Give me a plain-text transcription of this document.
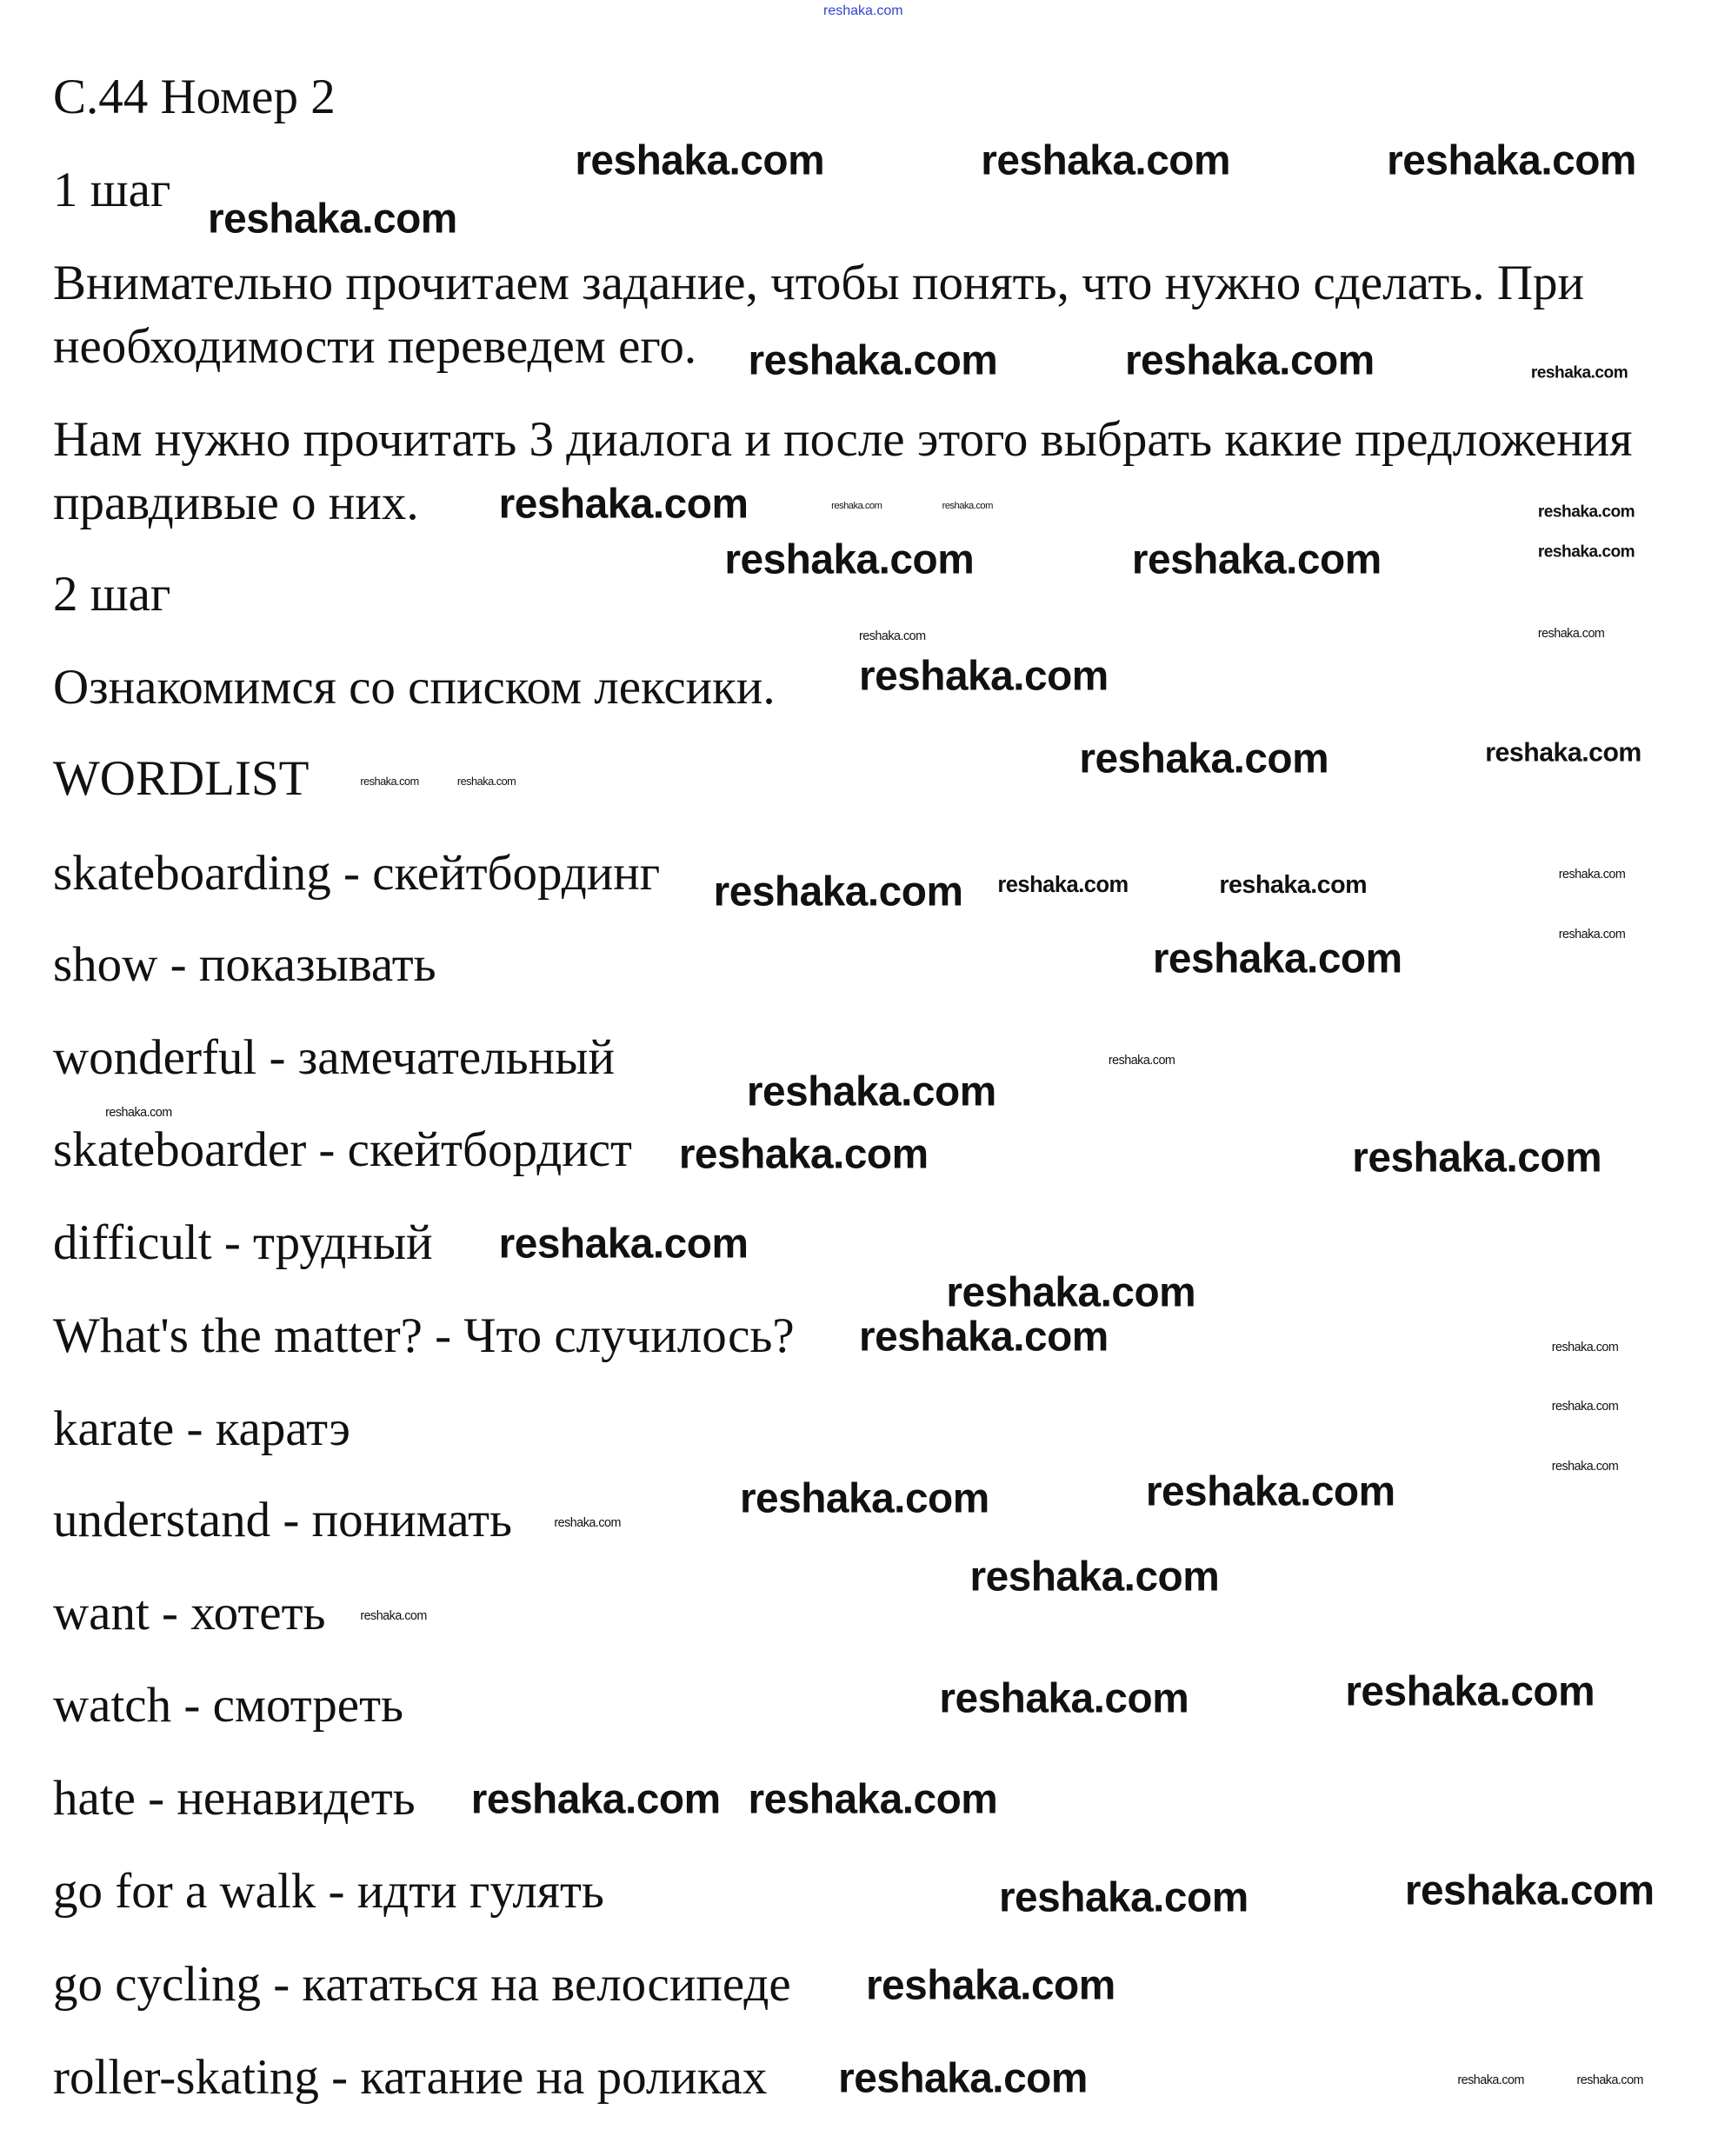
reshaka.com
С.44 Номер 2
1 шаг
Внимательно прочитаем задание, чтобы понять, что нужно сделать. При
необходимости переведем его.
Нам нужно прочитать 3 диалога и после этого выбрать какие предложения
правдивые о них.
2 шаг
Ознакомимся со списком лексики.
WORDLIST
skateboarding - скейтбординг
show - показывать
wonderful - замечательный
skateboarder - скейтбордист
difficult - трудный
What's the matter? - Что случилось?
karate - каратэ
understand - понимать
want - хотеть
watch - смотреть
hate - ненавидеть
go for a walk - идти гулять
go cycling - кататься на велосипеде
roller-skating - катание на роликах
reshaka.com	reshaka.com	reshaka.com
reshaka.com
reshaka.com	reshaka.com
reshaka.com
reshaka.com	reshaka.com
reshaka.com
reshaka.com
reshaka.com
reshaka.com
reshaka.com
reshaka.com
reshaka.com
reshaka.com
reshaka.com
reshaka.com
reshaka.com	reshaka.com
reshaka.com
reshaka.com	reshaka.com
reshaka.com reshaka.com
reshaka.com	reshaka.com
reshaka.com
reshaka.com
reshaka.com
reshaka.com	reshaka.com
reshaka.com
reshaka.com
reshaka.com
reshaka.com
reshaka.com	reshaka.com
reshaka.com
reshaka.com	reshaka.com
reshaka.com
reshaka.com
reshaka.com
reshaka.com
reshaka.com
reshaka.com
reshaka.com
reshaka.com
reshaka.com
reshaka.com	reshaka.com
